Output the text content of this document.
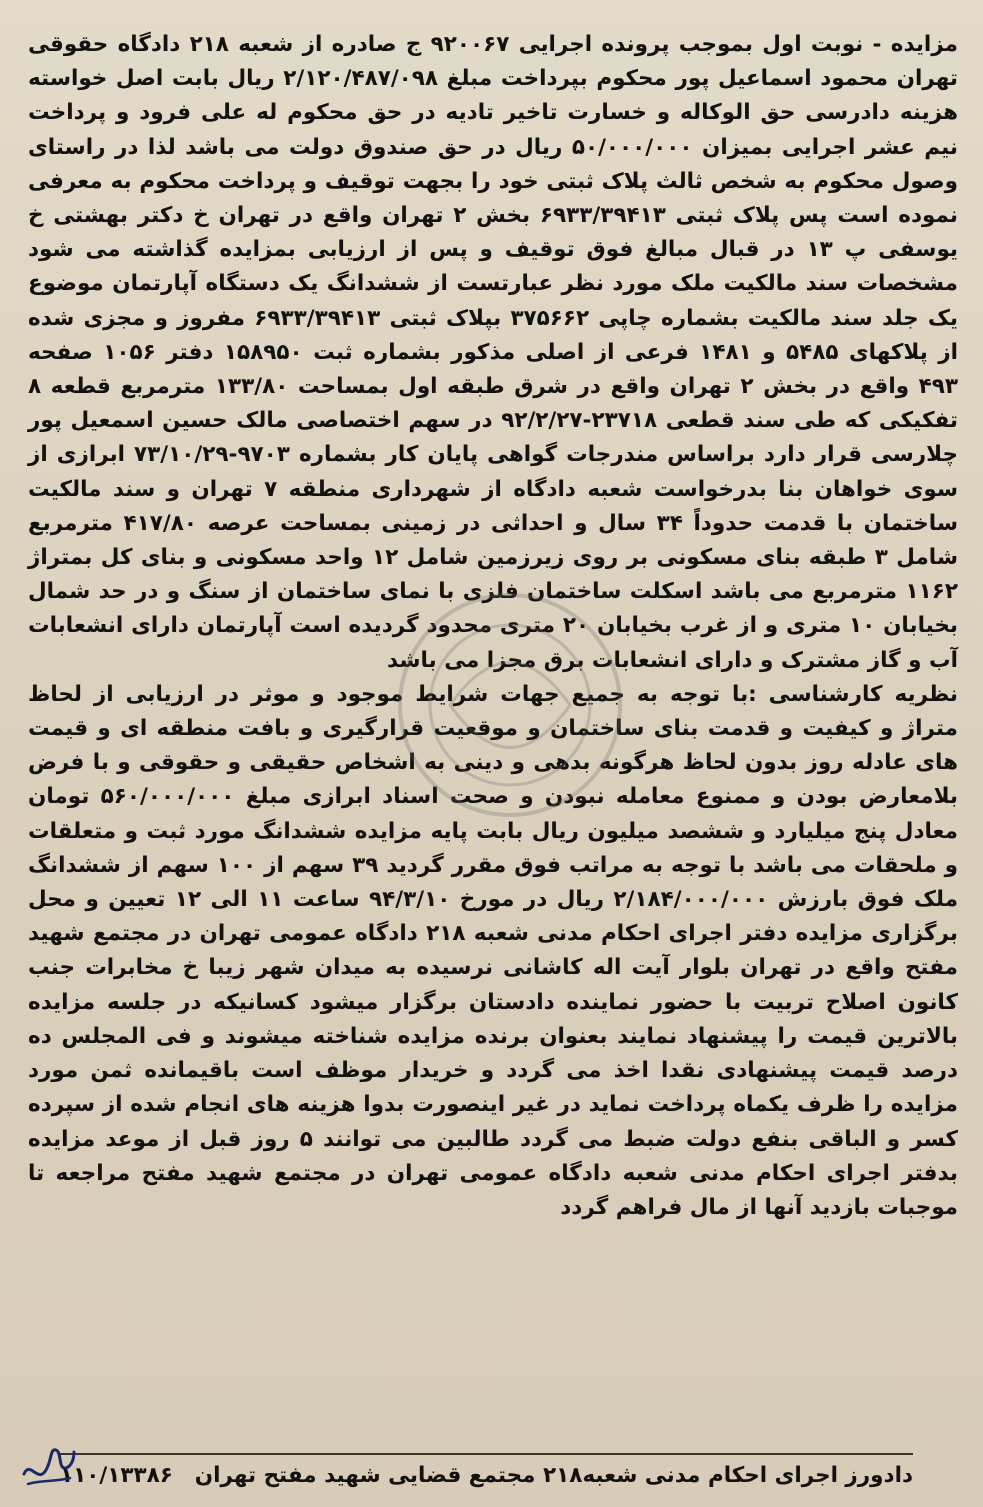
مزایده - نوبت اول بموجب پرونده اجرایی ۹۲۰۰۶۷ ج صادره از شعبه ۲۱۸ دادگاه حقوقی تهران محمود اسماعیل پور محکوم بپرداخت مبلغ ۲/۱۲۰/۴۸۷/۰۹۸ ریال بابت اصل خواسته هزینه دادرسی حق الوکاله و خسارت تاخیر تادیه در حق محکوم له علی فرود و پرداخت نیم عشر اجرایی بمیزان ۵۰/۰۰۰/۰۰۰ ریال در حق صندوق دولت می باشد لذا در راستای وصول محکوم به شخص ثالث پلاک ثبتی خود را بجهت توقیف و پرداخت محکوم به معرفی نموده است پس پلاک ثبتی ۶۹۳۳/۳۹۴۱۳ بخش ۲ تهران واقع در تهران خ دکتر بهشتی خ یوسفی پ ۱۳ در قبال مبالغ فوق توقیف و پس از ارزیابی بمزایده گذاشته می شود مشخصات سند مالکیت ملک مورد نظر عبارتست از ششدانگ یک دستگاه آپارتمان موضوع یک جلد سند مالکیت بشماره چاپی ۳۷۵۶۶۲ بپلاک ثبتی ۶۹۳۳/۳۹۴۱۳ مفروز و مجزی شده از پلاکهای ۵۴۸۵ و ۱۴۸۱ فرعی از اصلی مذکور بشماره ثبت ۱۵۸۹۵۰ دفتر ۱۰۵۶ صفحه ۴۹۳ واقع در بخش ۲ تهران واقع در شرق طبقه اول بمساحت ۱۳۳/۸۰ مترمربع قطعه ۸ تفکیکی که طی سند قطعی ۲۳۷۱۸-۹۲/۲/۲۷ در سهم اختصاصی مالک حسین اسمعیل پور چلارسی قرار دارد براساس مندرجات گواهی پایان کار بشماره ۹۷۰۳-۷۳/۱۰/۲۹ ابرازی از سوی خواهان بنا بدرخواست شعبه دادگاه از شهرداری منطقه ۷ تهران و سند مالکیت ساختمان با قدمت حدوداً ۳۴ سال و احداثی در زمینی بمساحت عرصه ۴۱۷/۸۰ مترمربع شامل ۳ طبقه بنای مسکونی بر روی زیرزمین شامل ۱۲ واحد مسکونی و بنای کل بمتراژ ۱۱۶۲ مترمربع می باشد اسکلت ساختمان فلزی با نمای ساختمان از سنگ و در حد شمال بخیابان ۱۰ متری و از غرب بخیابان ۲۰ متری محدود گردیده است آپارتمان دارای انشعابات آب و گاز مشترک و دارای انشعابات برق مجزا می باشد

نظریه کارشناسی :با توجه به جمیع جهات شرایط موجود و موثر در ارزیابی از لحاظ متراژ و کیفیت و قدمت بنای ساختمان و موقعیت قرارگیری و بافت منطقه ای و قیمت های عادله روز بدون لحاظ هرگونه بدهی و دینی به اشخاص حقیقی و حقوقی و با فرض بلامعارض بودن و ممنوع معامله نبودن و صحت اسناد ابرازی مبلغ ۵۶۰/۰۰۰/۰۰۰ تومان معادل پنج میلیارد و ششصد میلیون ریال بابت پایه مزایده ششدانگ مورد ثبت و متعلقات و ملحقات می باشد با توجه به مراتب فوق مقرر گردید ۳۹ سهم از ۱۰۰ سهم از ششدانگ ملک فوق بارزش ۲/۱۸۴/۰۰۰/۰۰۰ ریال در مورخ ۹۴/۳/۱۰ ساعت ۱۱ الی ۱۲ تعیین و محل برگزاری مزایده دفتر اجرای احکام مدنی شعبه ۲۱۸ دادگاه عمومی تهران در مجتمع شهید مفتح واقع در تهران بلوار آیت اله کاشانی نرسیده به میدان شهر زیبا خ مخابرات جنب کانون اصلاح تربیت با حضور نماینده دادستان برگزار میشود کسانیکه در جلسه مزایده بالاترین قیمت را پیشنهاد نمایند بعنوان برنده مزایده شناخته میشوند و فی المجلس ده درصد قیمت پیشنهادی نقدا اخذ می گردد و خریدار موظف است باقیمانده ثمن مورد مزایده را ظرف یکماه پرداخت نماید در غیر اینصورت بدوا هزینه های انجام شده از سپرده کسر و الباقی بنفع دولت ضبط می گردد طالبین می توانند ۵ روز قبل از موعد مزایده بدفتر اجرای احکام مدنی شعبه دادگاه عمومی تهران در مجتمع شهید مفتح مراجعه تا موجبات بازدید آنها از مال فراهم گردد

دادورز اجرای احکام مدنی شعبه۲۱۸ مجتمع قضایی شهید مفتح تهران
۱۱۰/۱۳۳۸۶
